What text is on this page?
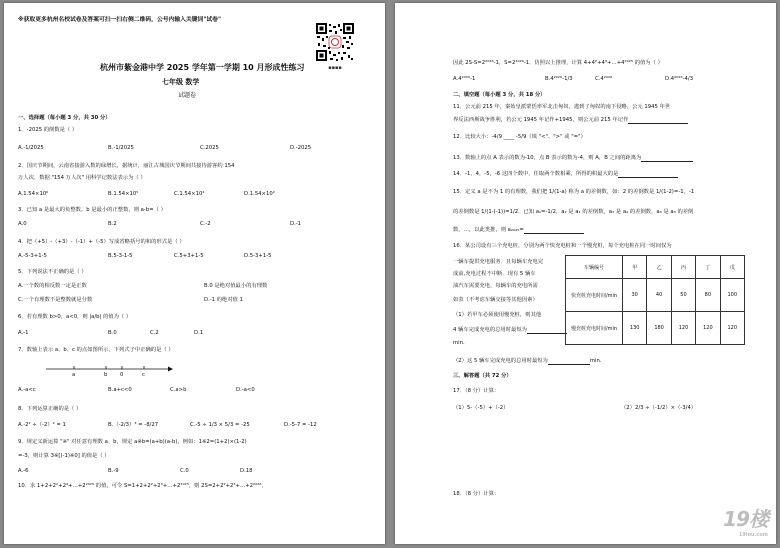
※获取更多杭州名校试卷及答案可扫一扫右侧二维码，公号内输入关键词"试卷"
▪▪▪▪
杭州市紫金港中学 2025 学年第一学期 10 月形成性练习
七年级 数学
试题卷
一、选择题（每小题 3 分，共 30 分）
1．-2025 的倒数是（ ）
A.-1/2025	B.-1/2025	C.2025	D.-2025
2．国庆节期间，云南省接游入数的绿增长，据统计，丽江古城国庆节期间共接待游客约 154
万人次．数据 "154 万人次" 用科学记数法表示为（ ）
A.1.54×10⁶	B.1.54×10⁵	C.1.54×10⁴	D.1.54×10²
3．已知 a 是最大的负整数，b 是最小的正整数，则 a-b=（ ）
A.0	B.2	C.-2	D.-1
4．把（+5）-（+3）-（-1）+（-5）写成省略括号的和的形式是（ ）
A.-5-3+1-5	B.5-3-1-5	C.5+3+1-5	D.5-3+1-5
5．下列说法不正确的是（ ）
A.一个数的相反数一定是正数	B.0 是绝对值最小的有理数
C.一个有理数不是整数就是分数	D.-1 的绝对值 1
6．若有理数 b>0，a<0，则 |a/b| 的值为（ ）
A.-1	B.0	C.2	D.1
7．数轴上表示 a、b、c 的点如图所示，下列式子中正确的是（ ）
a	b 0	c
A.-a<c	B.a+c<0	C.a>b	D.-a<0
8．下列运算正确的是（ ）
A.-2² ÷（-2）² = 1	B.（-2/3）³ = -8/27	C.-5 ÷ 1/3 × 5/3 = -25	D.-5-7 = -12
9．规定义新运算 "※" 对任意有理数 a、b，规定 a※b=(a+b)(a-b)，例如：1※2=(1+2)×(1-2)
=-3，则计算 3※[(-1)※0] 的值是（ ）
A.-6	B.-9	C.0	D.18
10．求 1+2+2²+2³+…+2²⁰²⁵ 的值，可令 S=1+2+2²+2³+…+2²⁰²⁵，则 2S=2+2²+2³+…+2²⁰²⁶，
因此 2S-S=2²⁰²⁶-1，S=2²⁰²⁶-1．仿照以上推理，计算 4+4²+4³+…+4²⁰²⁵ 的值为（ ）
A.4²⁰²⁶-1	B.4²⁰²⁶-1/3	C.4²⁰²⁶	D.4²⁰²⁶-4/3
二、填空题（每小题 3 分，共 18 分）
11．公元前 215 年，秦始皇派蒙恬率军北击匈奴，逃到了匈奴的南下侵略，公元 1945 年世
界反法西斯战争胜利，若公元 1945 年记作+1945，则公元前 215 年记作
12．比较大小：-4/9 ____ -5/9（填 "<"、">" 或 "="）
13．数轴上的点 A 表示的数为-10，点 B 表示的数为-4，则 A，B 之间的距离为
14．-1，4，-5，-6 这四个数中，任取两个数相乘，所得的积最大的是
15．定义 a 是不为 1 的有理数，我们把 1/(1-a) 称为 a 的差倒数，如：2 的差倒数是 1/(1-2)=-1，-1
的差倒数是 1/(1-(-1))=1/2．已知 a₁=-1/2，a₂ 是 a₁ 的差倒数，a₃ 是 a₂ 的差倒数，a₄ 是 a₃ 的差倒
数，…，以此类推，则 a₂₀₂₅=
16．某公司设有三个充电桩，分别为两个快充电桩和一个慢充桩，每个充电桩在同一时间仅为
一辆车提供充电服务．且每辆车充电完
成前,充电过程不中断．现有 5 辆车
油汽车需要充电，每辆车的充电所需
如表（不考虑车辆交接等其他因素）
（1）若甲车必须使用慢充桩，则其他
4 辆车完成充电的总用时最短为
min.
（2）这 5 辆车完成充电的总用时最短为	min.
车辆编号	甲	乙	丙	丁	戊
快充桩充电时间/min	30	40	50	80	100
慢充桩充电时间/min	130	180	120	120	120
三、解答题（共 72 分）
17．（8 分）计算：
（1）5-（-5）+（-2）	（2）2/3 ÷（-1/2）×（-3/4）
18．（8 分）计算：
19楼
19lou.com
